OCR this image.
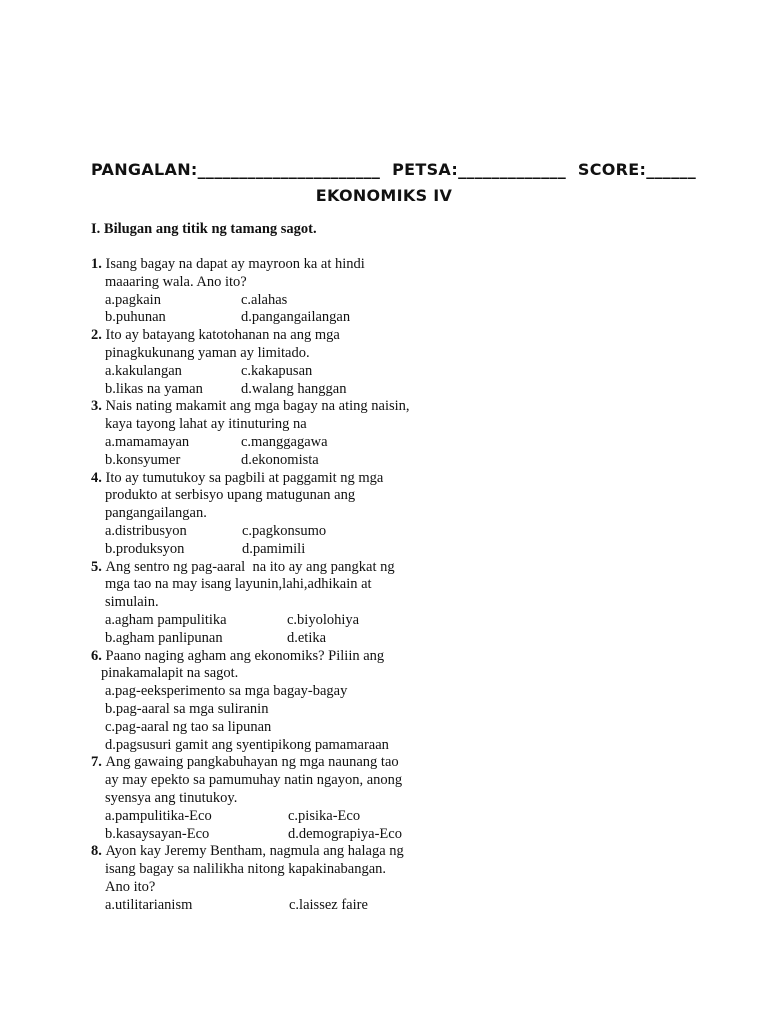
PANGALAN:______________________ PETSA:_____________ SCORE:______
EKONOMIKS IV
I. Bilugan ang titik ng tamang sagot.
1. Isang bagay na dapat ay mayroon ka at hindi
maaaring wala. Ano ito?
a.pagkain	c.alahas
b.puhunan	d.pangangailangan
2. Ito ay batayang katotohanan na ang mga
pinagkukunang yaman ay limitado.
a.kakulangan	c.kakapusan
b.likas na yaman	d.walang hanggan
3. Nais nating makamit ang mga bagay na ating naisin,
kaya tayong lahat ay itinuturing na
a.mamamayan	c.manggagawa
b.konsyumer	d.ekonomista
4. Ito ay tumutukoy sa pagbili at paggamit ng mga
produkto at serbisyo upang matugunan ang
pangangailangan.
a.distribusyon	c.pagkonsumo
b.produksyon	d.pamimili
5. Ang sentro ng pag-aaral  na ito ay ang pangkat ng
mga tao na may isang layunin,lahi,adhikain at
simulain.
a.agham pampulitika	c.biyolohiya
b.agham panlipunan	d.etika
6. Paano naging agham ang ekonomiks? Piliin ang
pinakamalapit na sagot.
a.pag-eeksperimento sa mga bagay-bagay
b.pag-aaral sa mga suliranin
c.pag-aaral ng tao sa lipunan
d.pagsusuri gamit ang syentipikong pamamaraan
7. Ang gawaing pangkabuhayan ng mga naunang tao
ay may epekto sa pamumuhay natin ngayon, anong
syensya ang tinutukoy.
a.pampulitika-Eco	c.pisika-Eco
b.kasaysayan-Eco	d.demograpiya-Eco
8. Ayon kay Jeremy Bentham, nagmula ang halaga ng
isang bagay sa nalilikha nitong kapakinabangan.
Ano ito?
a.utilitarianism	c.laissez faire
